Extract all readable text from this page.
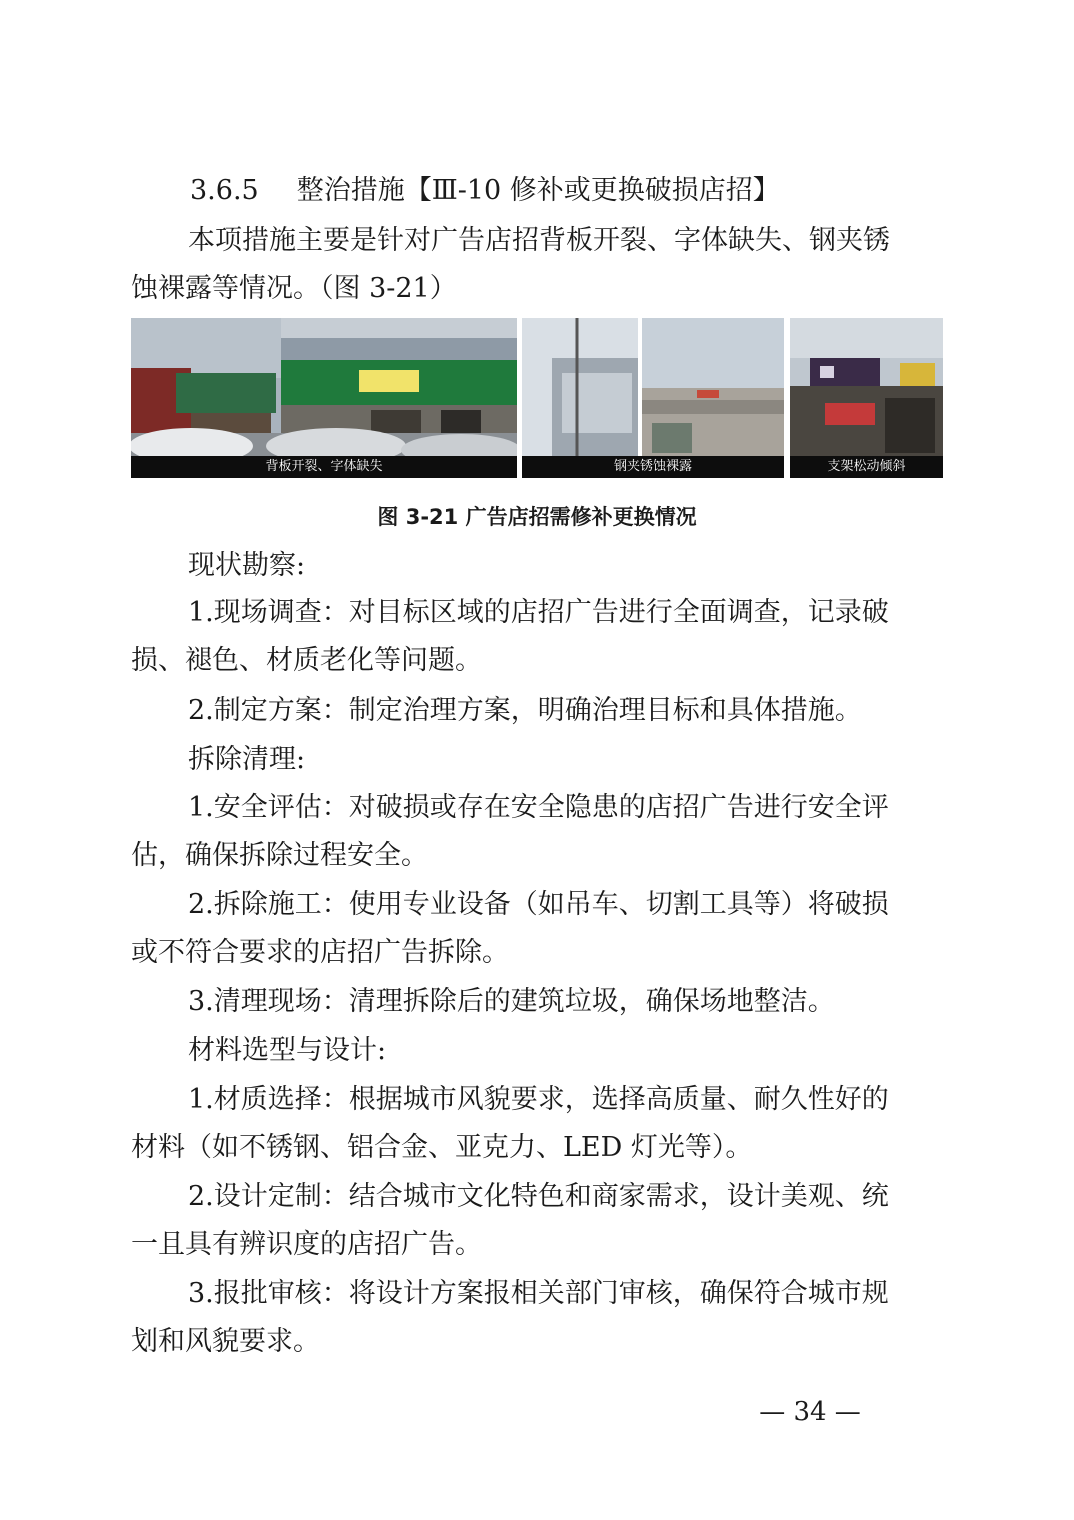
3.6.5 整治措施【Ⅲ-10 修补或更换破损店招】
本项措施主要是针对广告店招背板开裂、字体缺失、钢夹锈
蚀裸露等情况。（图 3-21）
背板开裂、字体缺失	钢夹锈蚀裸露	支架松动倾斜
图 3-21 广告店招需修补更换情况
现状勘察:
1.现场调查：对目标区域的店招广告进行全面调查，记录破
损、褪色、材质老化等问题。
2.制定方案：制定治理方案，明确治理目标和具体措施。
拆除清理:
1.安全评估：对破损或存在安全隐患的店招广告进行安全评
估，确保拆除过程安全。
2.拆除施工：使用专业设备（如吊车、切割工具等）将破损
或不符合要求的店招广告拆除。
3.清理现场：清理拆除后的建筑垃圾，确保场地整洁。
材料选型与设计:
1.材质选择：根据城市风貌要求，选择高质量、耐久性好的
材料（如不锈钢、铝合金、亚克力、LED 灯光等）。
2.设计定制：结合城市文化特色和商家需求，设计美观、统
一且具有辨识度的店招广告。
3.报批审核：将设计方案报相关部门审核，确保符合城市规
划和风貌要求。
— 34 —
